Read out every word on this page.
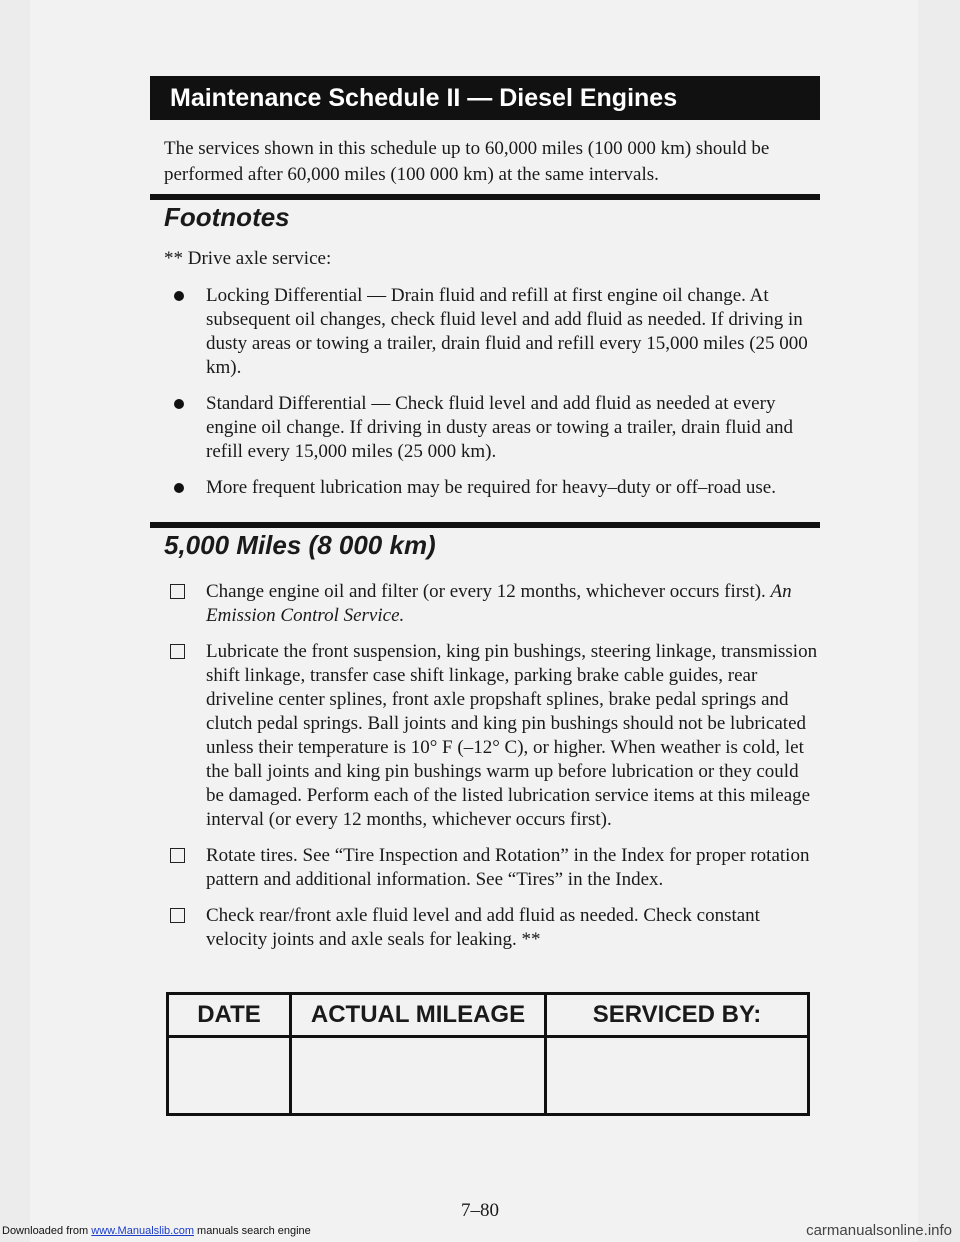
Maintenance Schedule II — Diesel Engines
The services shown in this schedule up to 60,000 miles (100 000 km) should be performed after 60,000 miles (100 000 km) at the same intervals.
Footnotes
** Drive axle service:
Locking Differential — Drain fluid and refill at first engine oil change. At subsequent oil changes, check fluid level and add fluid as needed. If driving in dusty areas or towing a trailer, drain fluid and refill every 15,000 miles (25 000 km).
Standard Differential — Check fluid level and add fluid as needed at every engine oil change. If driving in dusty areas or towing a trailer, drain fluid and refill every 15,000 miles (25 000 km).
More frequent lubrication may be required for heavy–duty or off–road use.
5,000 Miles (8 000 km)
Change engine oil and filter (or every 12 months, whichever occurs first). An Emission Control Service.
Lubricate the front suspension, king pin bushings, steering linkage, transmission shift linkage, transfer case shift linkage, parking brake cable guides, rear driveline center splines, front axle propshaft splines, brake pedal springs and clutch pedal springs. Ball joints and king pin bushings should not be lubricated unless their temperature is 10° F (–12° C), or higher. When weather is cold, let the ball joints and king pin bushings warm up before lubrication or they could be damaged. Perform each of the listed lubrication service items at this mileage interval (or every 12 months, whichever occurs first).
Rotate tires. See “Tire Inspection and Rotation” in the Index for proper rotation pattern and additional information. See “Tires” in the Index.
Check rear/front axle fluid level and add fluid as needed. Check constant velocity joints and axle seals for leaking. **
DATE	ACTUAL MILEAGE	SERVICED BY:

7–80
Downloaded from www.Manualslib.com manuals search engine	carmanualsonline.info
